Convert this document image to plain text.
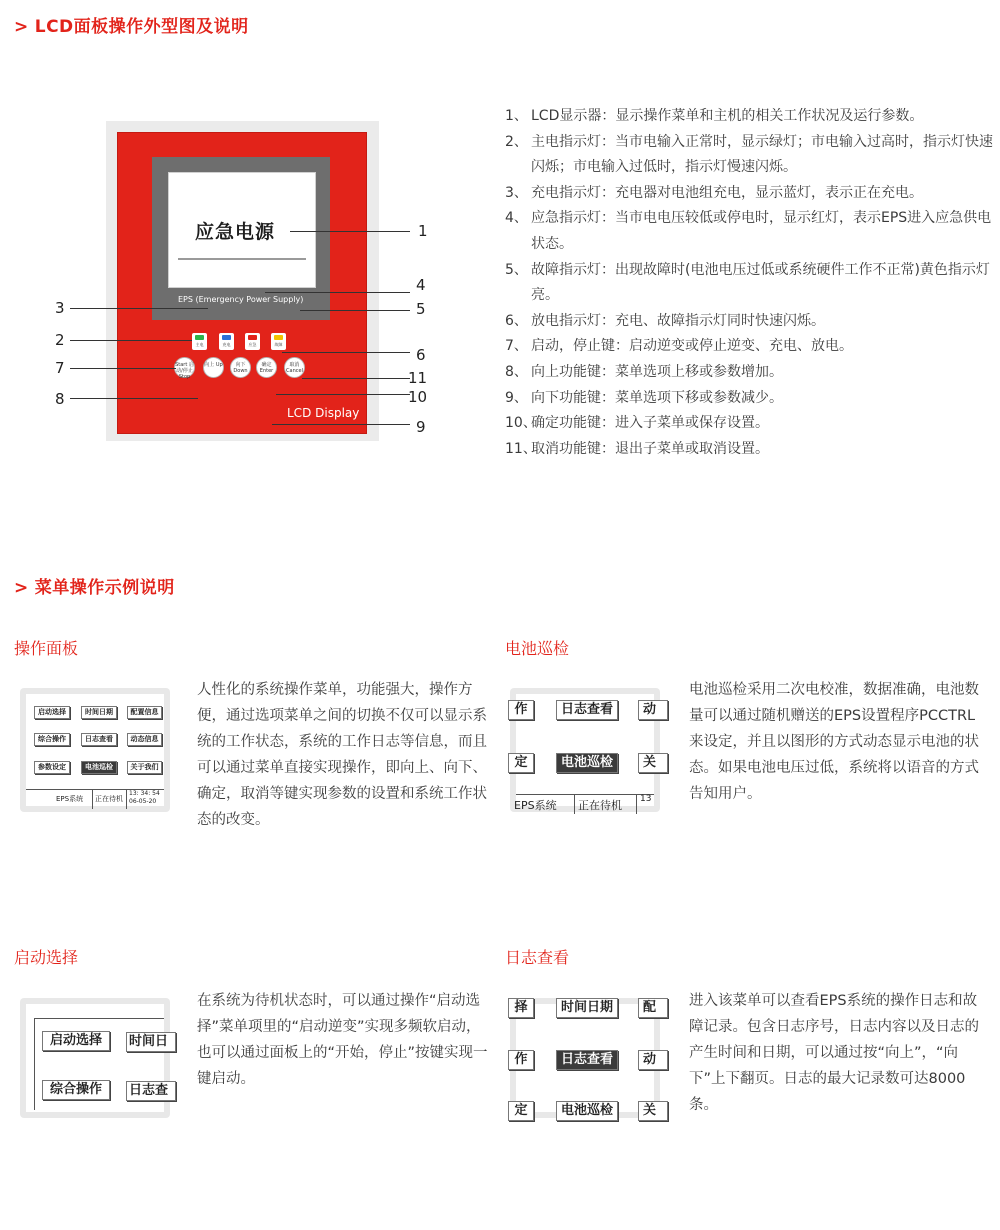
> LCD面板操作外型图及说明
应急电源
EPS (Emergency Power Supply)
LCD Display
主电	充电	应急	故障
Start 启动/停止 Stop
向上 Up	向下 Down
确定 Enter
取消 Cancel
1
2
3
4
5
6
7
8
9
10
11
1、 LCD显示器：显示操作菜单和主机的相关工作状况及运行参数。
2、 主电指示灯：当市电输入正常时，显示绿灯；市电输入过高时，指示灯快速闪烁；市电输入过低时，指示灯慢速闪烁。
3、 充电指示灯：充电器对电池组充电，显示蓝灯，表示正在充电。
4、 应急指示灯：当市电电压较低或停电时，显示红灯，表示EPS进入应急供电状态。
5、 故障指示灯：出现故障时(电池电压过低或系统硬件工作不正常)黄色指示灯亮。
6、 放电指示灯：充电、故障指示灯同时快速闪烁。
7、 启动，停止键：启动逆变或停止逆变、充电、放电。
8、 向上功能键：菜单选项上移或参数增加。
9、 向下功能键：菜单选项下移或参数减少。
10、
确定功能键：进入子菜单或保存设置。
11、
取消功能键：退出子菜单或取消设置。
> 菜单操作示例说明
操作面板
启动选择	时间日期	配置信息
综合操作	日志查看	动态信息
参数设定	电池巡检	关于我们
EPS系统 正在待机
13: 34: 54
06-05-20
人性化的系统操作菜单，功能强大，操作方便，通过选项菜单之间的切换不仅可以显示系统的工作状态，系统的工作日志等信息，而且可以通过菜单直接实现操作，即向上、向下、确定，取消等键实现参数的设置和系统工作状态的改变。
电池巡检
作	日志查看	动
定	电池巡检	关
EPS系统 正在待机 13
电池巡检采用二次电校准，数据准确，电池数量可以通过随机赠送的EPS设置程序PCCTRL来设定，并且以图形的方式动态显示电池的状态。如果电池电压过低，系统将以语音的方式告知用户。
启动选择
启动选择	时间日
综合操作	日志查
在系统为待机状态时，可以通过操作“启动选择”菜单项里的“启动逆变”实现多频软启动，也可以通过面板上的“开始，停止”按键实现一键启动。
日志查看
择	时间日期	配
作	日志查看	动
定	电池巡检	关
进入该菜单可以查看EPS系统的操作日志和故障记录。包含日志序号，日志内容以及日志的产生时间和日期，可以通过按“向上”，“向下”上下翻页。日志的最大记录数可达8000条。
